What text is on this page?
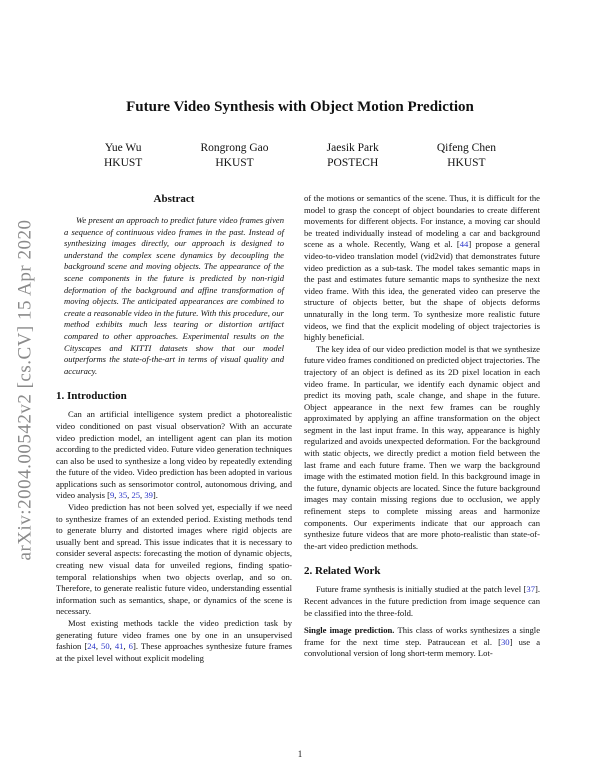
arXiv:2004.00542v2 [cs.CV] 15 Apr 2020
Future Video Synthesis with Object Motion Prediction
Yue Wu
HKUST
Rongrong Gao
HKUST
Jaesik Park
POSTECH
Qifeng Chen
HKUST
Abstract

We present an approach to predict future video frames given a sequence of continuous video frames in the past. Instead of synthesizing images directly, our approach is designed to understand the complex scene dynamics by decoupling the background scene and moving objects. The appearance of the scene components in the future is predicted by non-rigid deformation of the background and affine transformation of moving objects. The anticipated appearances are combined to create a reasonable video in the future. With this procedure, our method exhibits much less tearing or distortion artifact compared to other approaches. Experimental results on the Cityscapes and KITTI datasets show that our model outperforms the state-of-the-art in terms of visual quality and accuracy.

1. Introduction

Can an artificial intelligence system predict a photorealistic video conditioned on past visual observation? With an accurate video prediction model, an intelligent agent can plan its motion according to the predicted video. Future video generation techniques can also be used to synthesize a long video by repeatedly extending the future of the video. Video prediction has been adopted in various applications such as sensorimotor control, autonomous driving, and video analysis [9, 35, 25, 39].

Video prediction has not been solved yet, especially if we need to synthesize frames of an extended period. Existing methods tend to generate blurry and distorted images where rigid objects are usually bent and spread. This issue indicates that it is necessary to consider several aspects: forecasting the motion of dynamic objects, creating new visual data for unveiled regions, finding spatio-temporal relationships when two objects overlap, and so on. Therefore, to generate realistic future video, understanding essential information such as semantics, shape, or dynamics of the scene is necessary.

Most existing methods tackle the video prediction task by generating future video frames one by one in an unsupervised fashion [24, 50, 41, 6]. These approaches synthesize future frames at the pixel level without explicit modeling

of the motions or semantics of the scene. Thus, it is difficult for the model to grasp the concept of object boundaries to create different movements for different objects. For instance, a moving car should be treated individually instead of modeling a car and background scene as a whole. Recently, Wang et al. [44] propose a general video-to-video translation model (vid2vid) that demonstrates future video prediction as a sub-task. The model takes semantic maps in the past and estimates future semantic maps to synthesize the next video frame. With this idea, the generated video can preserve the structure of objects better, but the shape of objects deforms unnaturally in the long term. To synthesize more realistic future videos, we find that the explicit modeling of object trajectories is highly beneficial.

The key idea of our video prediction model is that we synthesize future video frames conditioned on predicted object trajectories. The trajectory of an object is defined as its 2D pixel location in each video frame. In particular, we identify each dynamic object and predict its moving path, scale change, and shape in the future. Object appearance in the next few frames can be roughly approximated by applying an affine transformation on the object segment in the last input frame. In this way, appearance is highly regularized and avoids unexpected deformation. For the background with static objects, we directly predict a motion field between the last frame and each future frame. Then we warp the background image with the estimated motion field. In this background image in the future, dynamic objects are located. Since the future background images may contain missing regions due to occlusion, we apply refinement steps to complete missing areas and harmonize components. Our experiments indicate that our approach can synthesize future videos that are more photo-realistic than state-of-the-art video prediction methods.

2. Related Work

Future frame synthesis is initially studied at the patch level [37]. Recent advances in the future prediction from image sequence can be classified into the three-fold.

Single image prediction. This class of works synthesizes a single frame for the next time step. Patraucean et al. [30] use a convolutional version of long short-term memory. Lot-

1
